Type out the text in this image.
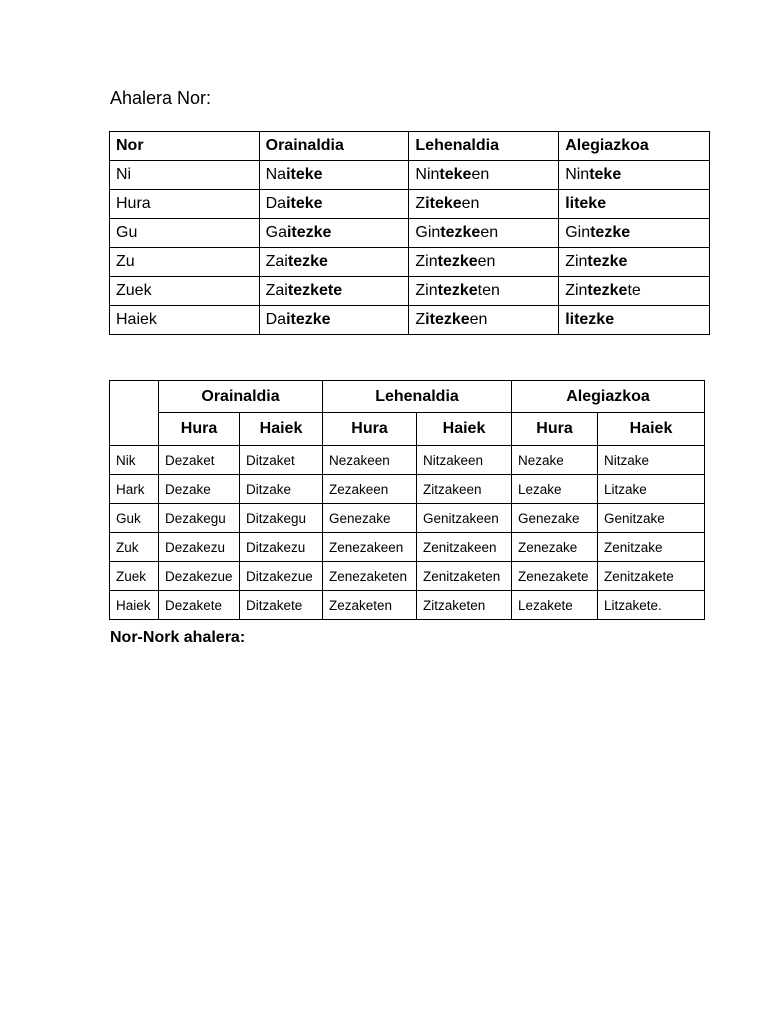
Ahalera Nor:
Nor	Orainaldia	Lehenaldia	Alegiazkoa
Ni	Naiteke	Nintekeen	Ninteke
Hura	Daiteke	Zitekeen	liteke
Gu	Gaitezke	Gintezkeen	Gintezke
Zu	Zaitezke	Zintezkeen	Zintezke
Zuek	Zaitezkete	Zintezketen	Zintezkete
Haiek	Daitezke	Zitezkeen	litezke
	Orainaldia		Lehenaldia		Alegiazkoa	
	Hura	Haiek	Hura	Haiek	Hura	Haiek
Nik	Dezaket	Ditzaket	Nezakeen	Nitzakeen	Nezake	Nitzake
Hark	Dezake	Ditzake	Zezakeen	Zitzakeen	Lezake	Litzake
Guk	Dezakegu	Ditzakegu	Genezake	Genitzakeen	Genezake	Genitzake
Zuk	Dezakezu	Ditzakezu	Zenezakeen	Zenitzakeen	Zenezake	Zenitzake
Zuek	Dezakezue	Ditzakezue	Zenezaketen	Zenitzaketen	Zenezakete	Zenitzakete
Haiek	Dezakete	Ditzakete	Zezaketen	Zitzaketen	Lezakete	Litzakete.
Nor-Nork ahalera:
